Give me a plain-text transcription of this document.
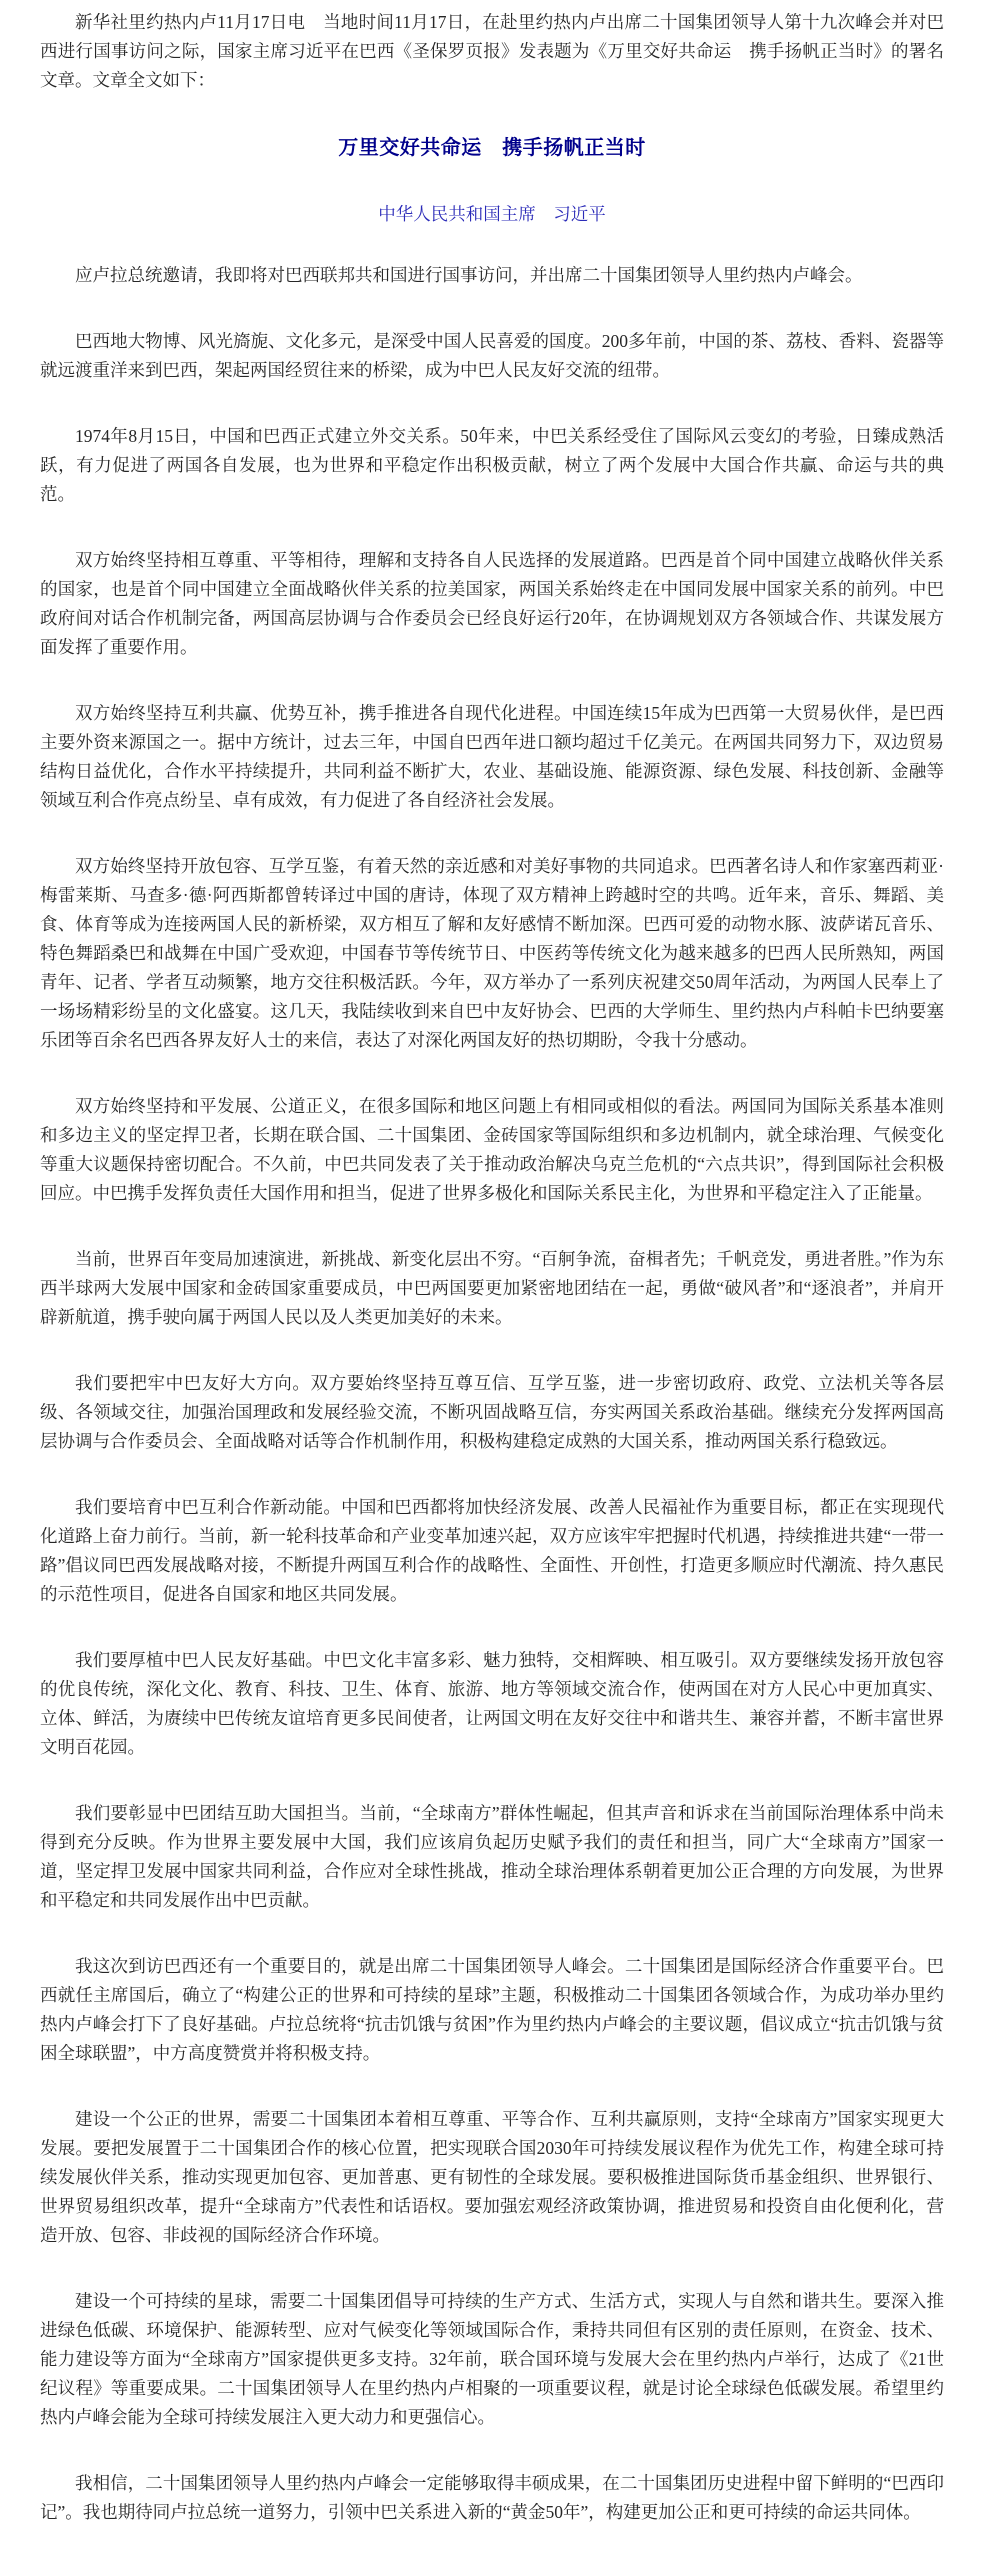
新华社里约热内卢11月17日电　当地时间11月17日，在赴里约热内卢出席二十国集团领导人第十九次峰会并对巴西进行国事访问之际，国家主席习近平在巴西《圣保罗页报》发表题为《万里交好共命运　携手扬帆正当时》的署名文章。文章全文如下：

万里交好共命运　携手扬帆正当时
中华人民共和国主席　习近平

应卢拉总统邀请，我即将对巴西联邦共和国进行国事访问，并出席二十国集团领导人里约热内卢峰会。

巴西地大物博、风光旖旎、文化多元，是深受中国人民喜爱的国度。200多年前，中国的茶、荔枝、香料、瓷器等就远渡重洋来到巴西，架起两国经贸往来的桥梁，成为中巴人民友好交流的纽带。

1974年8月15日，中国和巴西正式建立外交关系。50年来，中巴关系经受住了国际风云变幻的考验，日臻成熟活跃，有力促进了两国各自发展，也为世界和平稳定作出积极贡献，树立了两个发展中大国合作共赢、命运与共的典范。

双方始终坚持相互尊重、平等相待，理解和支持各自人民选择的发展道路。巴西是首个同中国建立战略伙伴关系的国家，也是首个同中国建立全面战略伙伴关系的拉美国家，两国关系始终走在中国同发展中国家关系的前列。中巴政府间对话合作机制完备，两国高层协调与合作委员会已经良好运行20年，在协调规划双方各领域合作、共谋发展方面发挥了重要作用。

双方始终坚持互利共赢、优势互补，携手推进各自现代化进程。中国连续15年成为巴西第一大贸易伙伴，是巴西主要外资来源国之一。据中方统计，过去三年，中国自巴西年进口额均超过千亿美元。在两国共同努力下，双边贸易结构日益优化，合作水平持续提升，共同利益不断扩大，农业、基础设施、能源资源、绿色发展、科技创新、金融等领域互利合作亮点纷呈、卓有成效，有力促进了各自经济社会发展。

双方始终坚持开放包容、互学互鉴，有着天然的亲近感和对美好事物的共同追求。巴西著名诗人和作家塞西莉亚·梅雷莱斯、马查多·德·阿西斯都曾转译过中国的唐诗，体现了双方精神上跨越时空的共鸣。近年来，音乐、舞蹈、美食、体育等成为连接两国人民的新桥梁，双方相互了解和友好感情不断加深。巴西可爱的动物水豚、波萨诺瓦音乐、特色舞蹈桑巴和战舞在中国广受欢迎，中国春节等传统节日、中医药等传统文化为越来越多的巴西人民所熟知，两国青年、记者、学者互动频繁，地方交往积极活跃。今年，双方举办了一系列庆祝建交50周年活动，为两国人民奉上了一场场精彩纷呈的文化盛宴。这几天，我陆续收到来自巴中友好协会、巴西的大学师生、里约热内卢科帕卡巴纳要塞乐团等百余名巴西各界友好人士的来信，表达了对深化两国友好的热切期盼，令我十分感动。

双方始终坚持和平发展、公道正义，在很多国际和地区问题上有相同或相似的看法。两国同为国际关系基本准则和多边主义的坚定捍卫者，长期在联合国、二十国集团、金砖国家等国际组织和多边机制内，就全球治理、气候变化等重大议题保持密切配合。不久前，中巴共同发表了关于推动政治解决乌克兰危机的“六点共识”，得到国际社会积极回应。中巴携手发挥负责任大国作用和担当，促进了世界多极化和国际关系民主化，为世界和平稳定注入了正能量。

当前，世界百年变局加速演进，新挑战、新变化层出不穷。“百舸争流，奋楫者先；千帆竞发，勇进者胜。”作为东西半球两大发展中国家和金砖国家重要成员，中巴两国要更加紧密地团结在一起，勇做“破风者”和“逐浪者”，并肩开辟新航道，携手驶向属于两国人民以及人类更加美好的未来。

我们要把牢中巴友好大方向。双方要始终坚持互尊互信、互学互鉴，进一步密切政府、政党、立法机关等各层级、各领域交往，加强治国理政和发展经验交流，不断巩固战略互信，夯实两国关系政治基础。继续充分发挥两国高层协调与合作委员会、全面战略对话等合作机制作用，积极构建稳定成熟的大国关系，推动两国关系行稳致远。

我们要培育中巴互利合作新动能。中国和巴西都将加快经济发展、改善人民福祉作为重要目标，都正在实现现代化道路上奋力前行。当前，新一轮科技革命和产业变革加速兴起，双方应该牢牢把握时代机遇，持续推进共建“一带一路”倡议同巴西发展战略对接，不断提升两国互利合作的战略性、全面性、开创性，打造更多顺应时代潮流、持久惠民的示范性项目，促进各自国家和地区共同发展。

我们要厚植中巴人民友好基础。中巴文化丰富多彩、魅力独特，交相辉映、相互吸引。双方要继续发扬开放包容的优良传统，深化文化、教育、科技、卫生、体育、旅游、地方等领域交流合作，使两国在对方人民心中更加真实、立体、鲜活，为赓续中巴传统友谊培育更多民间使者，让两国文明在友好交往中和谐共生、兼容并蓄，不断丰富世界文明百花园。

我们要彰显中巴团结互助大国担当。当前，“全球南方”群体性崛起，但其声音和诉求在当前国际治理体系中尚未得到充分反映。作为世界主要发展中大国，我们应该肩负起历史赋予我们的责任和担当，同广大“全球南方”国家一道，坚定捍卫发展中国家共同利益，合作应对全球性挑战，推动全球治理体系朝着更加公正合理的方向发展，为世界和平稳定和共同发展作出中巴贡献。

我这次到访巴西还有一个重要目的，就是出席二十国集团领导人峰会。二十国集团是国际经济合作重要平台。巴西就任主席国后，确立了“构建公正的世界和可持续的星球”主题，积极推动二十国集团各领域合作，为成功举办里约热内卢峰会打下了良好基础。卢拉总统将“抗击饥饿与贫困”作为里约热内卢峰会的主要议题，倡议成立“抗击饥饿与贫困全球联盟”，中方高度赞赏并将积极支持。

建设一个公正的世界，需要二十国集团本着相互尊重、平等合作、互利共赢原则，支持“全球南方”国家实现更大发展。要把发展置于二十国集团合作的核心位置，把实现联合国2030年可持续发展议程作为优先工作，构建全球可持续发展伙伴关系，推动实现更加包容、更加普惠、更有韧性的全球发展。要积极推进国际货币基金组织、世界银行、世界贸易组织改革，提升“全球南方”代表性和话语权。要加强宏观经济政策协调，推进贸易和投资自由化便利化，营造开放、包容、非歧视的国际经济合作环境。

建设一个可持续的星球，需要二十国集团倡导可持续的生产方式、生活方式，实现人与自然和谐共生。要深入推进绿色低碳、环境保护、能源转型、应对气候变化等领域国际合作，秉持共同但有区别的责任原则，在资金、技术、能力建设等方面为“全球南方”国家提供更多支持。32年前，联合国环境与发展大会在里约热内卢举行，达成了《21世纪议程》等重要成果。二十国集团领导人在里约热内卢相聚的一项重要议程，就是讨论全球绿色低碳发展。希望里约热内卢峰会能为全球可持续发展注入更大动力和更强信心。

我相信，二十国集团领导人里约热内卢峰会一定能够取得丰硕成果，在二十国集团历史进程中留下鲜明的“巴西印记”。我也期待同卢拉总统一道努力，引领中巴关系进入新的“黄金50年”，构建更加公正和更可持续的命运共同体。
